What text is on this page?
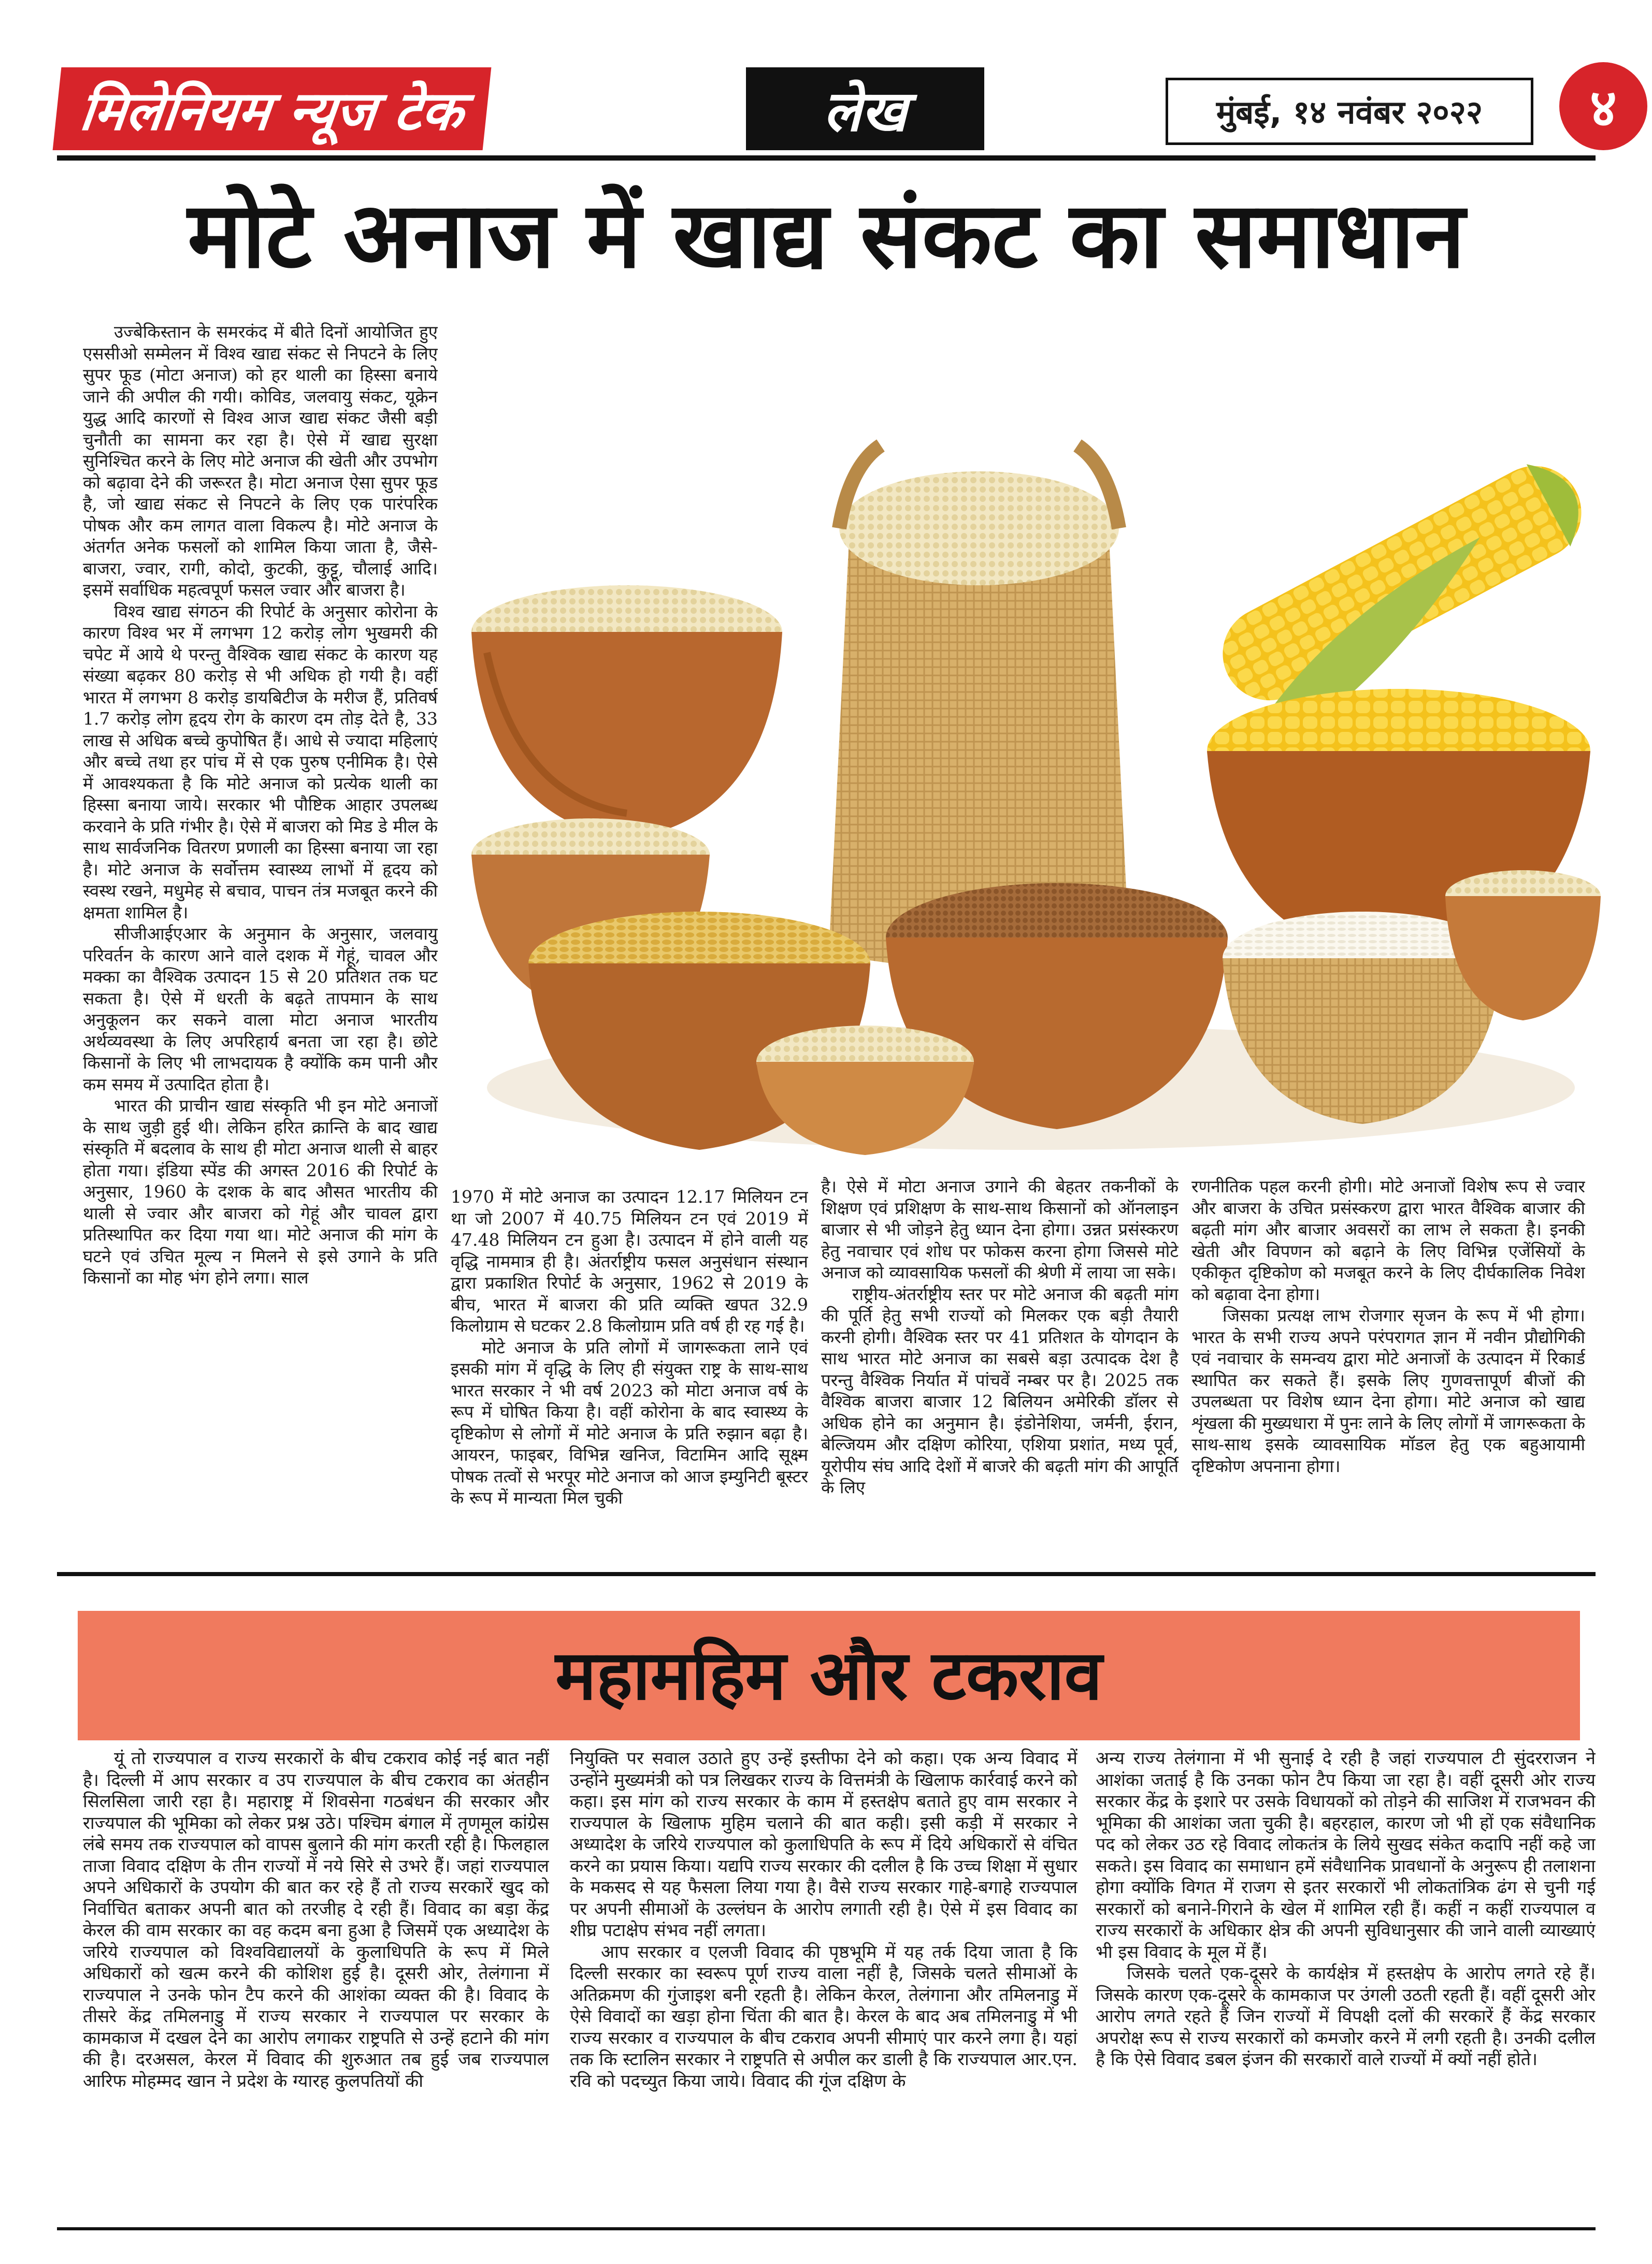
मिलेनियम न्यूज टेक	लेख	मुंबई, १४ नवंबर २०२२	४
मोटे अनाज में खाद्य संकट का समाधान

उज्बेकिस्तान के समरकंद में बीते दिनों आयोजित हुए एससीओ सम्मेलन में विश्व खाद्य संकट से निपटने के लिए सुपर फूड (मोटा अनाज) को हर थाली का हिस्सा बनाये जाने की अपील की गयी। कोविड, जलवायु संकट, यूक्रेन युद्ध आदि कारणों से विश्व आज खाद्य संकट जैसी बड़ी चुनौती का सामना कर रहा है। ऐसे में खाद्य सुरक्षा सुनिश्चित करने के लिए मोटे अनाज की खेती और उपभोग को बढ़ावा देने की जरूरत है। मोटा अनाज ऐसा सुपर फूड है, जो खाद्य संकट से निपटने के लिए एक पारंपरिक पोषक और कम लागत वाला विकल्प है। मोटे अनाज के अंतर्गत अनेक फसलों को शामिल किया जाता है, जैसे-बाजरा, ज्वार, रागी, कोदो, कुटकी, कुट्टू, चौलाई आदि। इसमें सर्वाधिक महत्वपूर्ण फसल ज्वार और बाजरा है।

विश्व खाद्य संगठन की रिपोर्ट के अनुसार कोरोना के कारण विश्व भर में लगभग 12 करोड़ लोग भुखमरी की चपेट में आये थे परन्तु वैश्विक खाद्य संकट के कारण यह संख्या बढ़कर 80 करोड़ से भी अधिक हो गयी है। वहीं भारत में लगभग 8 करोड़ डायबिटीज के मरीज हैं, प्रतिवर्ष 1.7 करोड़ लोग हृदय रोग के कारण दम तोड़ देते है, 33 लाख से अधिक बच्चे कुपोषित हैं। आधे से ज्यादा महिलाएं और बच्चे तथा हर पांच में से एक पुरुष एनीमिक है। ऐसे में आवश्यकता है कि मोटे अनाज को प्रत्येक थाली का हिस्सा बनाया जाये। सरकार भी पौष्टिक आहार उपलब्ध करवाने के प्रति गंभीर है। ऐसे में बाजरा को मिड डे मील के साथ सार्वजनिक वितरण प्रणाली का हिस्सा बनाया जा रहा है। मोटे अनाज के सर्वोत्तम स्वास्थ्य लाभों में हृदय को स्वस्थ रखने, मधुमेह से बचाव, पाचन तंत्र मजबूत करने की क्षमता शामिल है।

सीजीआईएआर के अनुमान के अनुसार, जलवायु परिवर्तन के कारण आने वाले दशक में गेहूं, चावल और मक्का का वैश्विक उत्पादन 15 से 20 प्रतिशत तक घट सकता है। ऐसे में धरती के बढ़ते तापमान के साथ अनुकूलन कर सकने वाला मोटा अनाज भारतीय अर्थव्यवस्था के लिए अपरिहार्य बनता जा रहा है। छोटे किसानों के लिए भी लाभदायक है क्योंकि कम पानी और कम समय में उत्पादित होता है।

भारत की प्राचीन खाद्य संस्कृति भी इन मोटे अनाजों के साथ जुड़ी हुई थी। लेकिन हरित क्रान्ति के बाद खाद्य संस्कृति में बदलाव के साथ ही मोटा अनाज थाली से बाहर होता गया। इंडिया स्पेंड की अगस्त 2016 की रिपोर्ट के अनुसार, 1960 के दशक के बाद औसत भारतीय की थाली से ज्वार और बाजरा को गेहूं और चावल द्वारा प्रतिस्थापित कर दिया गया था। मोटे अनाज की मांग के घटने एवं उचित मूल्य न मिलने से इसे उगाने के प्रति किसानों का मोह भंग होने लगा। साल

1970 में मोटे अनाज का उत्पादन 12.17 मिलियन टन था जो 2007 में 40.75 मिलियन टन एवं 2019 में 47.48 मिलियन टन हुआ है। उत्पादन में होने वाली यह वृद्धि नाममात्र ही है। अंतर्राष्ट्रीय फसल अनुसंधान संस्थान द्वारा प्रकाशित रिपोर्ट के अनुसार, 1962 से 2019 के बीच, भारत में बाजरा की प्रति व्यक्ति खपत 32.9 किलोग्राम से घटकर 2.8 किलोग्राम प्रति वर्ष ही रह गई है।

मोटे अनाज के प्रति लोगों में जागरूकता लाने एवं इसकी मांग में वृद्धि के लिए ही संयुक्त राष्ट्र के साथ-साथ भारत सरकार ने भी वर्ष 2023 को मोटा अनाज वर्ष के रूप में घोषित किया है। वहीं कोरोना के बाद स्वास्थ्य के दृष्टिकोण से लोगों में मोटे अनाज के प्रति रुझान बढ़ा है। आयरन, फाइबर, विभिन्न खनिज, विटामिन आदि सूक्ष्म पोषक तत्वों से भरपूर मोटे अनाज को आज इम्युनिटी बूस्टर के रूप में मान्यता मिल चुकी

है। ऐसे में मोटा अनाज उगाने की बेहतर तकनीकों के शिक्षण एवं प्रशिक्षण के साथ-साथ किसानों को ऑनलाइन बाजार से भी जोड़ने हेतु ध्यान देना होगा। उन्नत प्रसंस्करण हेतु नवाचार एवं शोध पर फोकस करना होगा जिससे मोटे अनाज को व्यावसायिक फसलों की श्रेणी में लाया जा सके।

राष्ट्रीय-अंतर्राष्ट्रीय स्तर पर मोटे अनाज की बढ़ती मांग की पूर्ति हेतु सभी राज्यों को मिलकर एक बड़ी तैयारी करनी होगी। वैश्विक स्तर पर 41 प्रतिशत के योगदान के साथ भारत मोटे अनाज का सबसे बड़ा उत्पादक देश है परन्तु वैश्विक निर्यात में पांचवें नम्बर पर है। 2025 तक वैश्विक बाजरा बाजार 12 बिलियन अमेरिकी डॉलर से अधिक होने का अनुमान है। इंडोनेशिया, जर्मनी, ईरान, बेल्जियम और दक्षिण कोरिया, एशिया प्रशांत, मध्य पूर्व, यूरोपीय संघ आदि देशों में बाजरे की बढ़ती मांग की आपूर्ति के लिए

रणनीतिक पहल करनी होगी। मोटे अनाजों विशेष रूप से ज्वार और बाजरा के उचित प्रसंस्करण द्वारा भारत वैश्विक बाजार की बढ़ती मांग और बाजार अवसरों का लाभ ले सकता है। इनकी खेती और विपणन को बढ़ाने के लिए विभिन्न एजेंसियों के एकीकृत दृष्टिकोण को मजबूत करने के लिए दीर्घकालिक निवेश को बढ़ावा देना होगा।

जिसका प्रत्यक्ष लाभ रोजगार सृजन के रूप में भी होगा।भारत के सभी राज्य अपने परंपरागत ज्ञान में नवीन प्रौद्योगिकी एवं नवाचार के समन्वय द्वारा मोटे अनाजों के उत्पादन में रिकार्ड स्थापित कर सकते हैं। इसके लिए गुणवत्तापूर्ण बीजों की उपलब्धता पर विशेष ध्यान देना होगा। मोटे अनाज को खाद्य शृंखला की मुख्यधारा में पुनः लाने के लिए लोगों में जागरूकता के साथ-साथ इसके व्यावसायिक मॉडल हेतु एक बहुआयामी दृष्टिकोण अपनाना होगा।

महामहिम और टकराव

यूं तो राज्यपाल व राज्य सरकारों के बीच टकराव कोई नई बात नहीं है। दिल्ली में आप सरकार व उप राज्यपाल के बीच टकराव का अंतहीन सिलसिला जारी रहा है। महाराष्ट्र में शिवसेना गठबंधन की सरकार और राज्यपाल की भूमिका को लेकर प्रश्न उठे। पश्चिम बंगाल में तृणमूल कांग्रेस लंबे समय तक राज्यपाल को वापस बुलाने की मांग करती रही है। फिलहाल ताजा विवाद दक्षिण के तीन राज्यों में नये सिरे से उभरे हैं। जहां राज्यपाल अपने अधिकारों के उपयोग की बात कर रहे हैं तो राज्य सरकारें खुद को निर्वाचित बताकर अपनी बात को तरजीह दे रही हैं। विवाद का बड़ा केंद्र केरल की वाम सरकार का वह कदम बना हुआ है जिसमें एक अध्यादेश के जरिये राज्यपाल को विश्वविद्यालयों के कुलाधिपति के रूप में मिले अधिकारों को खत्म करने की कोशिश हुई है। दूसरी ओर, तेलंगाना में राज्यपाल ने उनके फोन टैप करने की आशंका व्यक्त की है। विवाद के तीसरे केंद्र तमिलनाडु में राज्य सरकार ने राज्यपाल पर सरकार के कामकाज में दखल देने का आरोप लगाकर राष्ट्रपति से उन्हें हटाने की मांग की है। दरअसल, केरल में विवाद की शुरुआत तब हुई जब राज्यपाल आरिफ मोहम्मद खान ने प्रदेश के ग्यारह कुलपतियों की

नियुक्ति पर सवाल उठाते हुए उन्हें इस्तीफा देने को कहा। एक अन्य विवाद में उन्होंने मुख्यमंत्री को पत्र लिखकर राज्य के वित्तमंत्री के खिलाफ कार्रवाई करने को कहा। इस मांग को राज्य सरकार के काम में हस्तक्षेप बताते हुए वाम सरकार ने राज्यपाल के खिलाफ मुहिम चलाने की बात कही। इसी कड़ी में सरकार ने अध्यादेश के जरिये राज्यपाल को कुलाधिपति के रूप में दिये अधिकारों से वंचित करने का प्रयास किया। यद्यपि राज्य सरकार की दलील है कि उच्च शिक्षा में सुधार के मकसद से यह फैसला लिया गया है। वैसे राज्य सरकार गाहे-बगाहे राज्यपाल पर अपनी सीमाओं के उल्लंघन के आरोप लगाती रही है। ऐसे में इस विवाद का शीघ्र पटाक्षेप संभव नहीं लगता।

आप सरकार व एलजी विवाद की पृष्ठभूमि में यह तर्क दिया जाता है कि दिल्ली सरकार का स्वरूप पूर्ण राज्य वाला नहीं है, जिसके चलते सीमाओं के अतिक्रमण की गुंजाइश बनी रहती है। लेकिन केरल, तेलंगाना और तमिलनाडु में ऐसे विवादों का खड़ा होना चिंता की बात है। केरल के बाद अब तमिलनाडु में भी राज्य सरकार व राज्यपाल के बीच टकराव अपनी सीमाएं पार करने लगा है। यहां तक कि स्टालिन सरकार ने राष्ट्रपति से अपील कर डाली है कि राज्यपाल आर.एन. रवि को पदच्युत किया जाये। विवाद की गूंज दक्षिण के

अन्य राज्य तेलंगाना में भी सुनाई दे रही है जहां राज्यपाल टी सुंदरराजन ने आशंका जताई है कि उनका फोन टैप किया जा रहा है। वहीं दूसरी ओर राज्य सरकार केंद्र के इशारे पर उसके विधायकों को तोड़ने की साजिश में राजभवन की भूमिका की आशंका जता चुकी है। बहरहाल, कारण जो भी हों एक संवैधानिक पद को लेकर उठ रहे विवाद लोकतंत्र के लिये सुखद संकेत कदापि नहीं कहे जा सकते। इस विवाद का समाधान हमें संवैधानिक प्रावधानों के अनुरूप ही तलाशना होगा क्योंकि विगत में राजग से इतर सरकारों भी लोकतांत्रिक ढंग से चुनी गई सरकारों को बनाने-गिराने के खेल में शामिल रही हैं। कहीं न कहीं राज्यपाल व राज्य सरकारों के अधिकार क्षेत्र की अपनी सुविधानुसार की जाने वाली व्याख्याएं भी इस विवाद के मूल में हैं।

जिसके चलते एक-दूसरे के कार्यक्षेत्र में हस्तक्षेप के आरोप लगते रहे हैं। जिसके कारण एक-दूसरे के कामकाज पर उंगली उठती रहती हैं। वहीं दूसरी ओर आरोप लगते रहते हैं जिन राज्यों में विपक्षी दलों की सरकारें हैं केंद्र सरकार अपरोक्ष रूप से राज्य सरकारों को कमजोर करने में लगी रहती है। उनकी दलील है कि ऐसे विवाद डबल इंजन की सरकारों वाले राज्यों में क्यों नहीं होते।
